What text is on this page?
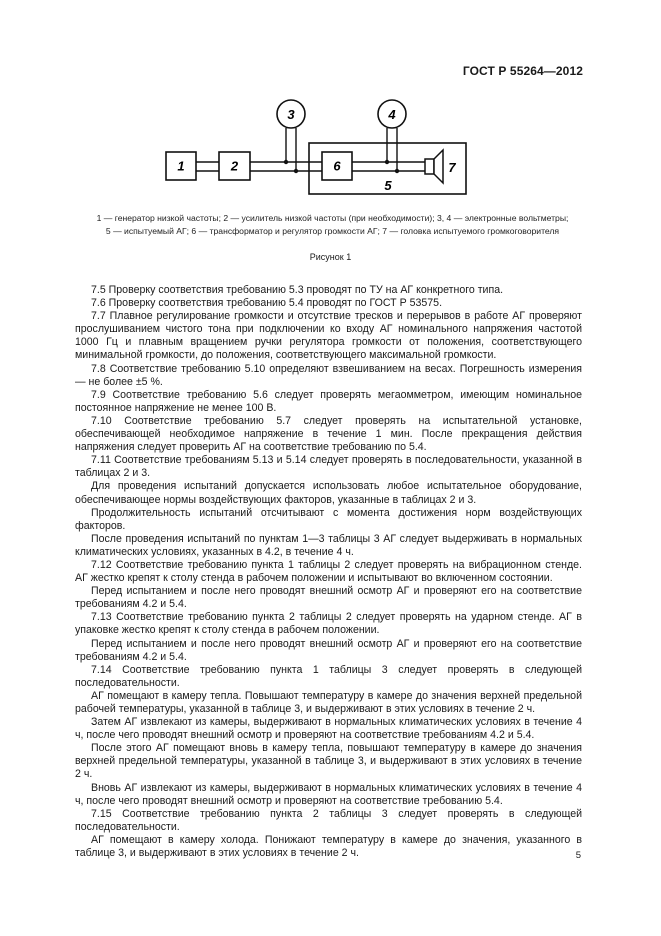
ГОСТ Р 55264—2012
1	2	6
3	4
7
5
1 — генератор низкой частоты; 2 — усилитель низкой частоты (при необходимости); 3, 4 — электронные вольтметры;
5 — испытуемый АГ; 6 — трансформатор и регулятор громкости АГ; 7 — головка испытуемого громкоговорителя
Рисунок 1

7.5 Проверку соответствия требованию 5.3 проводят по ТУ на АГ конкретного типа.

7.6 Проверку соответствия требованию 5.4 проводят по ГОСТ Р 53575.

7.7 Плавное регулирование громкости и отсутствие тресков и перерывов в работе АГ проверяют прослушиванием чистого тона при подключении ко входу АГ номинального напряжения частотой 1000 Гц и плавным вращением ручки регулятора громкости от положения, соответствующего минимальной громкости, до положения, соответствующего максимальной громкости.

7.8 Соответствие требованию 5.10 определяют взвешиванием на весах. Погрешность измерения — не более ±5 %.

7.9 Соответствие требованию 5.6 следует проверять мегаомметром, имеющим номинальное постоянное напряжение не менее 100 В.

7.10 Соответствие требованию 5.7 следует проверять на испытательной установке, обеспечивающей необходимое напряжение в течение 1 мин. После прекращения действия напряжения следует проверить АГ на соответствие требованию по 5.4.

7.11 Соответствие требованиям 5.13 и 5.14 следует проверять в последовательности, указанной в таблицах 2 и 3.

Для проведения испытаний допускается использовать любое испытательное оборудование, обеспечивающее нормы воздействующих факторов, указанные в таблицах 2 и 3.

Продолжительность испытаний отсчитывают с момента достижения норм воздействующих факторов.

После проведения испытаний по пунктам 1—3 таблицы 3 АГ следует выдерживать в нормальных климатических условиях, указанных в 4.2, в течение 4 ч.

7.12 Соответствие требованию пункта 1 таблицы 2 следует проверять на вибрационном стенде. АГ жестко крепят к столу стенда в рабочем положении и испытывают во включенном состоянии.

Перед испытанием и после него проводят внешний осмотр АГ и проверяют его на соответствие требованиям 4.2 и 5.4.

7.13 Соответствие требованию пункта 2 таблицы 2 следует проверять на ударном стенде. АГ в упаковке жестко крепят к столу стенда в рабочем положении.

Перед испытанием и после него проводят внешний осмотр АГ и проверяют его на соответствие требованиям 4.2 и 5.4.

7.14 Соответствие требованию пункта 1 таблицы 3 следует проверять в следующей последовательности.

АГ помещают в камеру тепла. Повышают температуру в камере до значения верхней предельной рабочей температуры, указанной в таблице 3, и выдерживают в этих условиях в течение 2 ч.

Затем АГ извлекают из камеры, выдерживают в нормальных климатических условиях в течение 4 ч, после чего проводят внешний осмотр и проверяют на соответствие требованиям 4.2 и 5.4.

После этого АГ помещают вновь в камеру тепла, повышают температуру в камере до значения верхней предельной температуры, указанной в таблице 3, и выдерживают в этих условиях в течение 2 ч.

Вновь АГ извлекают из камеры, выдерживают в нормальных климатических условиях в течение 4 ч, после чего проводят внешний осмотр и проверяют на соответствие требованию 5.4.

7.15 Соответствие требованию пункта 2 таблицы 3 следует проверять в следующей последовательности.

АГ помещают в камеру холода. Понижают температуру в камере до значения, указанного в таблице 3, и выдерживают в этих условиях в течение 2 ч.	5
